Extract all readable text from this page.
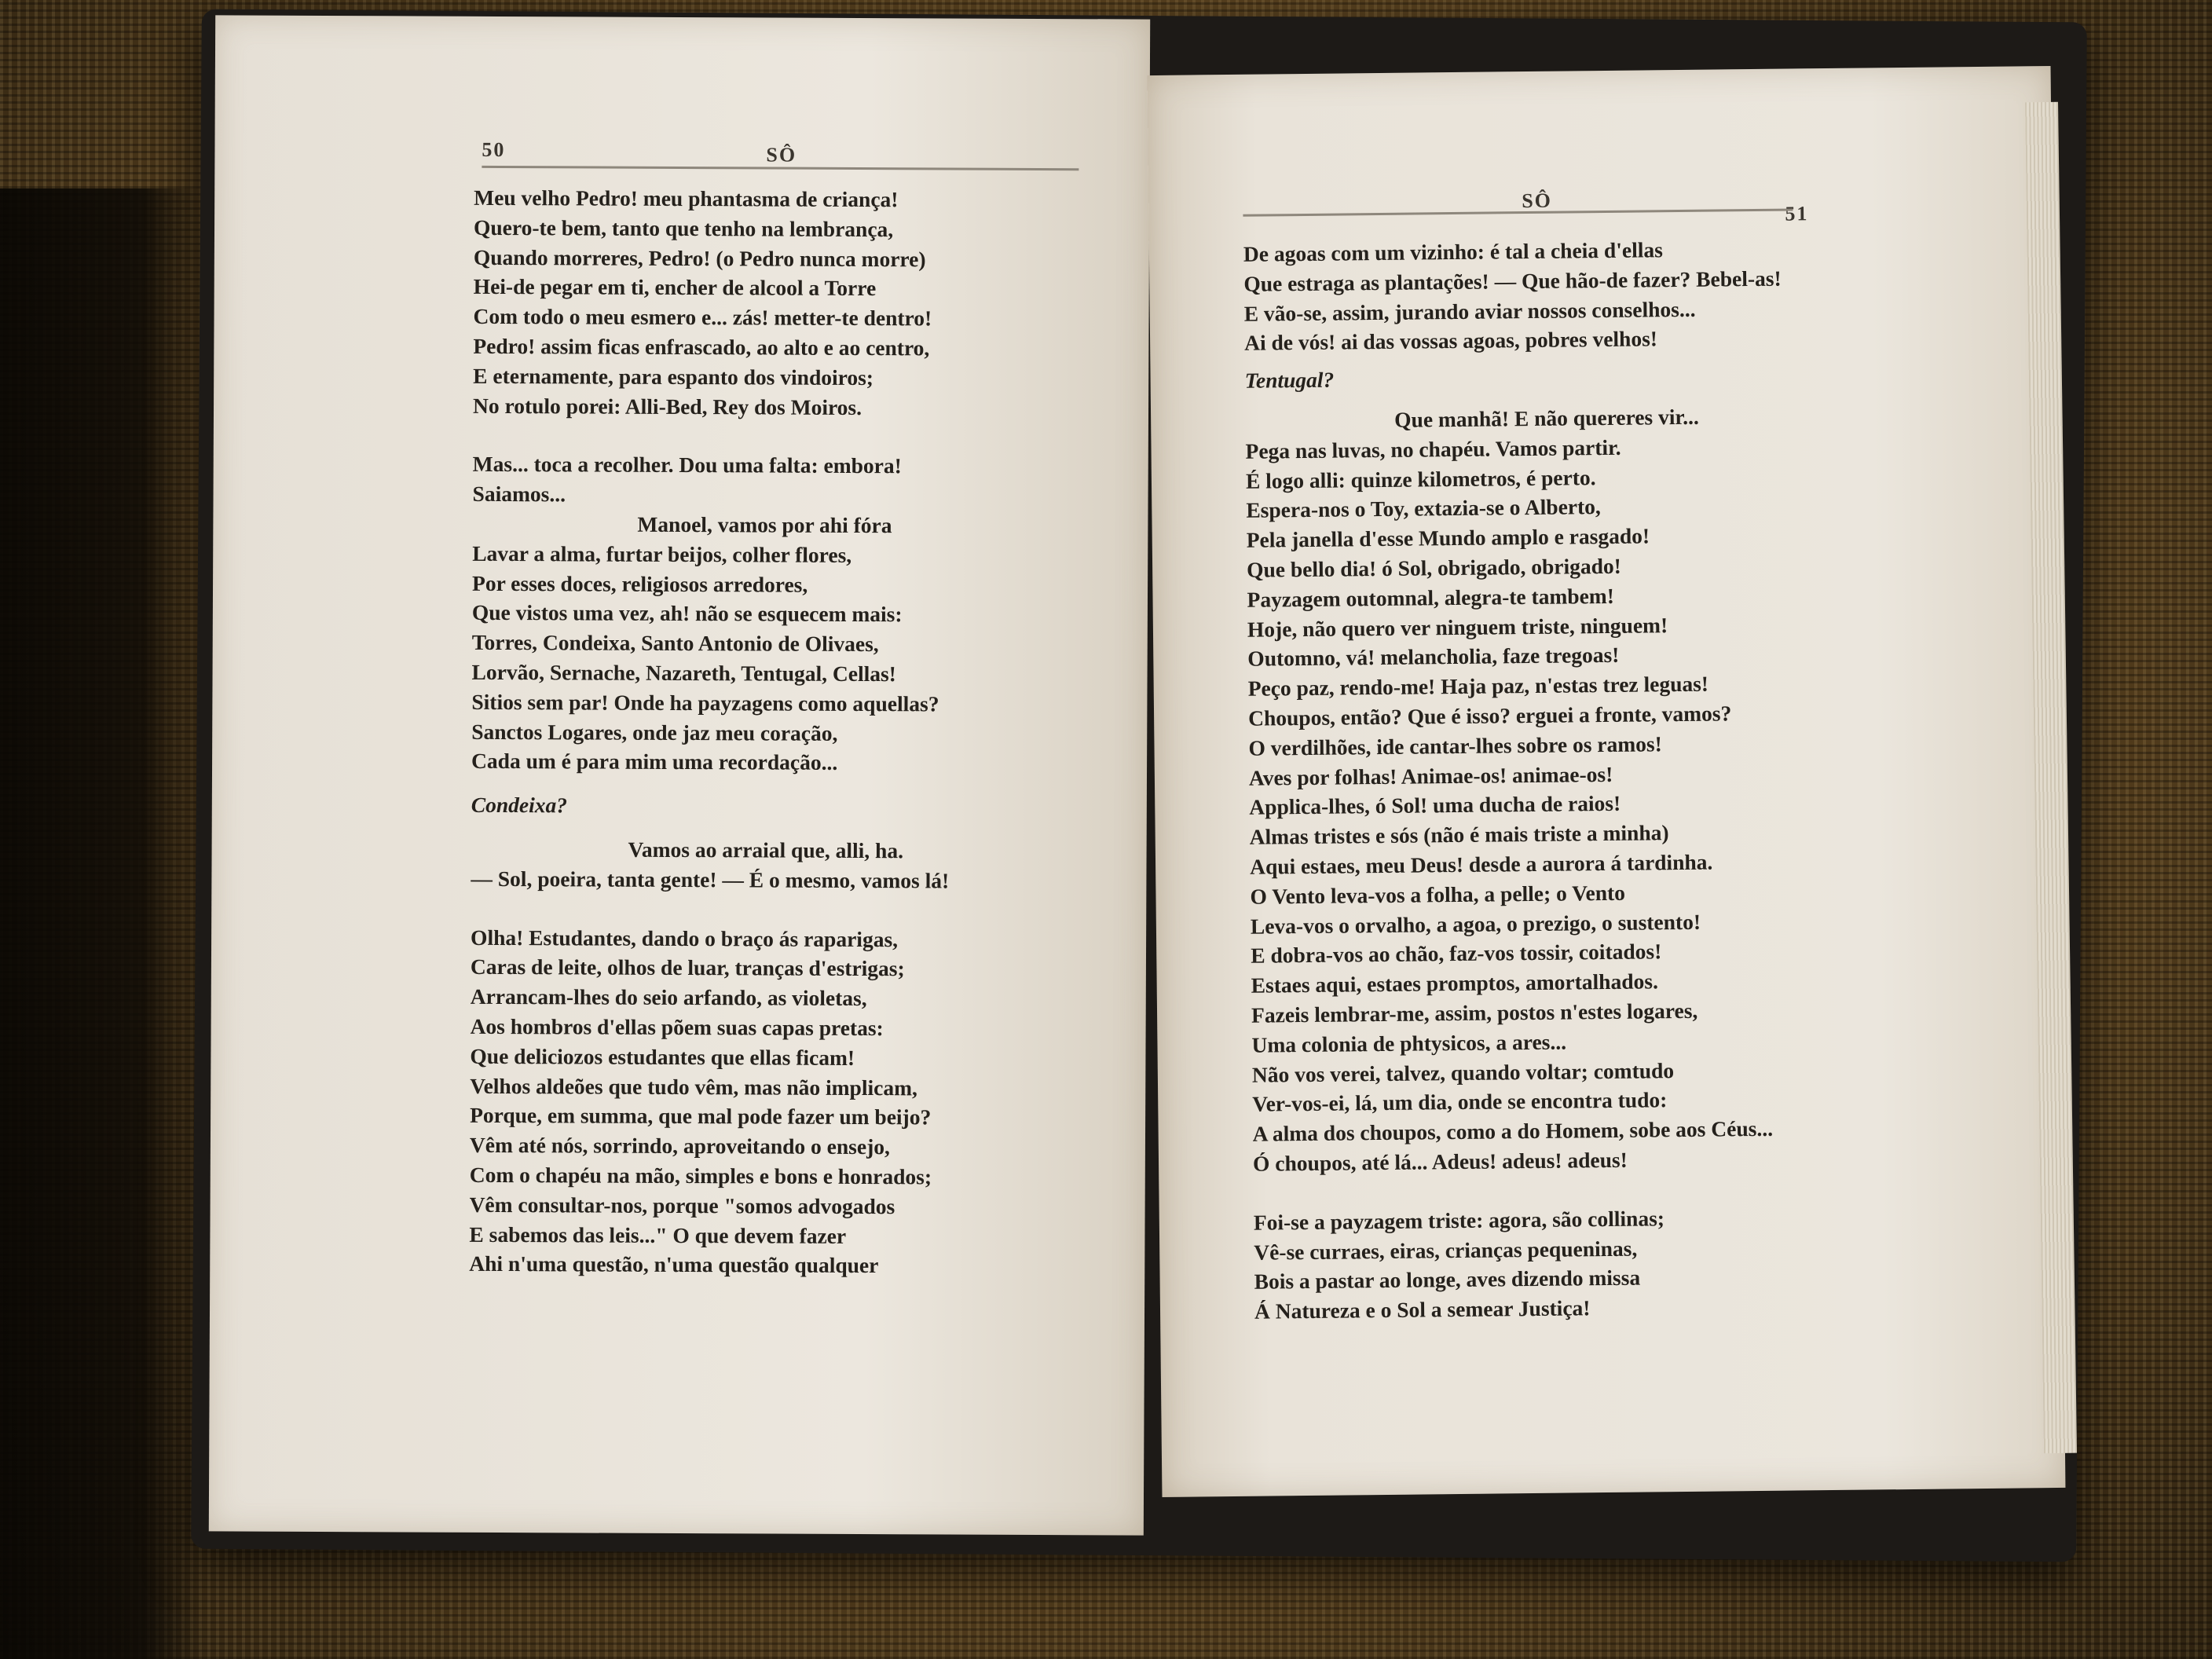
50	SÔ
Meu velho Pedro! meu phantasma de criança!
Quero-te bem, tanto que tenho na lembrança,
Quando morreres, Pedro! (o Pedro nunca morre)
Hei-de pegar em ti, encher de alcool a Torre
Com todo o meu esmero e... zás! metter-te dentro!
Pedro! assim ficas enfrascado, ao alto e ao centro,
E eternamente, para espanto dos vindoiros;
No rotulo porei: Alli-Bed, Rey dos Moiros.
Mas... toca a recolher. Dou uma falta: embora!
Saiamos...
Manoel, vamos por ahi fóra
Lavar a alma, furtar beijos, colher flores,
Por esses doces, religiosos arredores,
Que vistos uma vez, ah! não se esquecem mais:
Torres, Condeixa, Santo Antonio de Olivaes,
Lorvão, Sernache, Nazareth, Tentugal, Cellas!
Sitios sem par! Onde ha payzagens como aquellas?
Sanctos Logares, onde jaz meu coração,
Cada um é para mim uma recordação...
Condeixa?
Vamos ao arraial que, alli, ha.
— Sol, poeira, tanta gente! — É o mesmo, vamos lá!
Olha! Estudantes, dando o braço ás raparigas,
Caras de leite, olhos de luar, tranças d'estrigas;
Arrancam-lhes do seio arfando, as violetas,
Aos hombros d'ellas põem suas capas pretas:
Que deliciozos estudantes que ellas ficam!
Velhos aldeões que tudo vêm, mas não implicam,
Porque, em summa, que mal pode fazer um beijo?
Vêm até nós, sorrindo, aproveitando o ensejo,
Com o chapéu na mão, simples e bons e honrados;
Vêm consultar-nos, porque "somos advogados
E sabemos das leis..." O que devem fazer
Ahi n'uma questão, n'uma questão qualquer
SÔ
51
De agoas com um vizinho: é tal a cheia d'ellas
Que estraga as plantações! — Que hão-de fazer? Bebel-as!
E vão-se, assim, jurando aviar nossos conselhos...
Ai de vós! ai das vossas agoas, pobres velhos!
Tentugal?
Que manhã! E não quereres vir...
Pega nas luvas, no chapéu. Vamos partir.
É logo alli: quinze kilometros, é perto.
Espera-nos o Toy, extazia-se o Alberto,
Pela janella d'esse Mundo amplo e rasgado!
Que bello dia! ó Sol, obrigado, obrigado!
Payzagem outomnal, alegra-te tambem!
Hoje, não quero ver ninguem triste, ninguem!
Outomno, vá! melancholia, faze tregoas!
Peço paz, rendo-me! Haja paz, n'estas trez leguas!
Choupos, então? Que é isso? erguei a fronte, vamos?
O verdilhões, ide cantar-lhes sobre os ramos!
Aves por folhas! Animae-os! animae-os!
Applica-lhes, ó Sol! uma ducha de raios!
Almas tristes e sós (não é mais triste a minha)
Aqui estaes, meu Deus! desde a aurora á tardinha.
O Vento leva-vos a folha, a pelle; o Vento
Leva-vos o orvalho, a agoa, o prezigo, o sustento!
E dobra-vos ao chão, faz-vos tossir, coitados!
Estaes aqui, estaes promptos, amortalhados.
Fazeis lembrar-me, assim, postos n'estes logares,
Uma colonia de phtysicos, a ares...
Não vos verei, talvez, quando voltar; comtudo
Ver-vos-ei, lá, um dia, onde se encontra tudo:
A alma dos choupos, como a do Homem, sobe aos Céus...
Ó choupos, até lá... Adeus! adeus! adeus!
Foi-se a payzagem triste: agora, são collinas;
Vê-se curraes, eiras, crianças pequeninas,
Bois a pastar ao longe, aves dizendo missa
Á Natureza e o Sol a semear Justiça!
